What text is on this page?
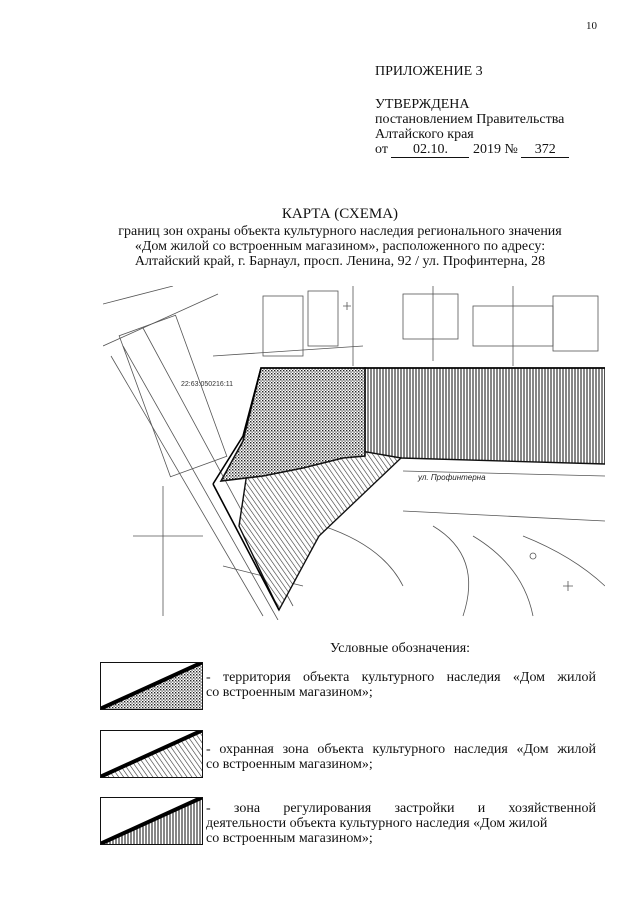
10
ПРИЛОЖЕНИЕ 3
УТВЕРЖДЕНА
постановлением Правительства
Алтайского края
от 02.10. 2019 № 372
КАРТА (СХЕМА)
границ зон охраны объекта культурного наследия регионального значения
«Дом жилой со встроенным магазином», расположенного по адресу:
Алтайский край, г. Барнаул, просп. Ленина, 92 / ул. Профинтерна, 28
22:63:050216:11
ул. Профинтерна
Условные обозначения:
- территория объекта культурного наследия «Дом жилой
со встроенным магазином»;
- охранная зона объекта культурного наследия «Дом жилой
со встроенным магазином»;
- зона регулирования застройки и хозяйственной
деятельности объекта культурного наследия «Дом жилой
со встроенным магазином»;
